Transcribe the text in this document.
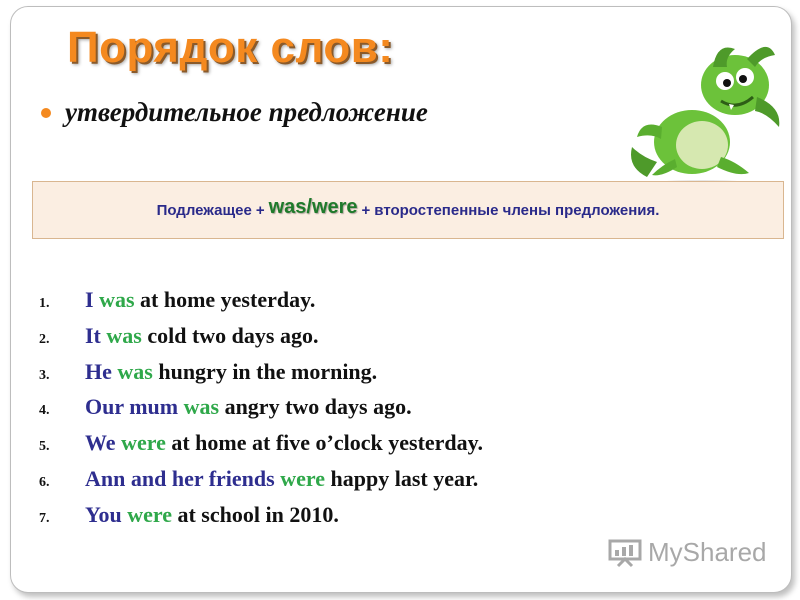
Порядок слов:
утвердительное предложение
Подлежащее + was/were + второстепенные члены предложения.
1.	I
was
at home yesterday.
2.	It
was
cold two days ago.
3.	He
was
hungry in the morning.
4.	Our mum
was
angry two days ago.
5.	We
were
at home at five o’clock yesterday.
6.	Ann and her friends
were
happy last year.
7.	You
were
at school in 2010.
MyShared
